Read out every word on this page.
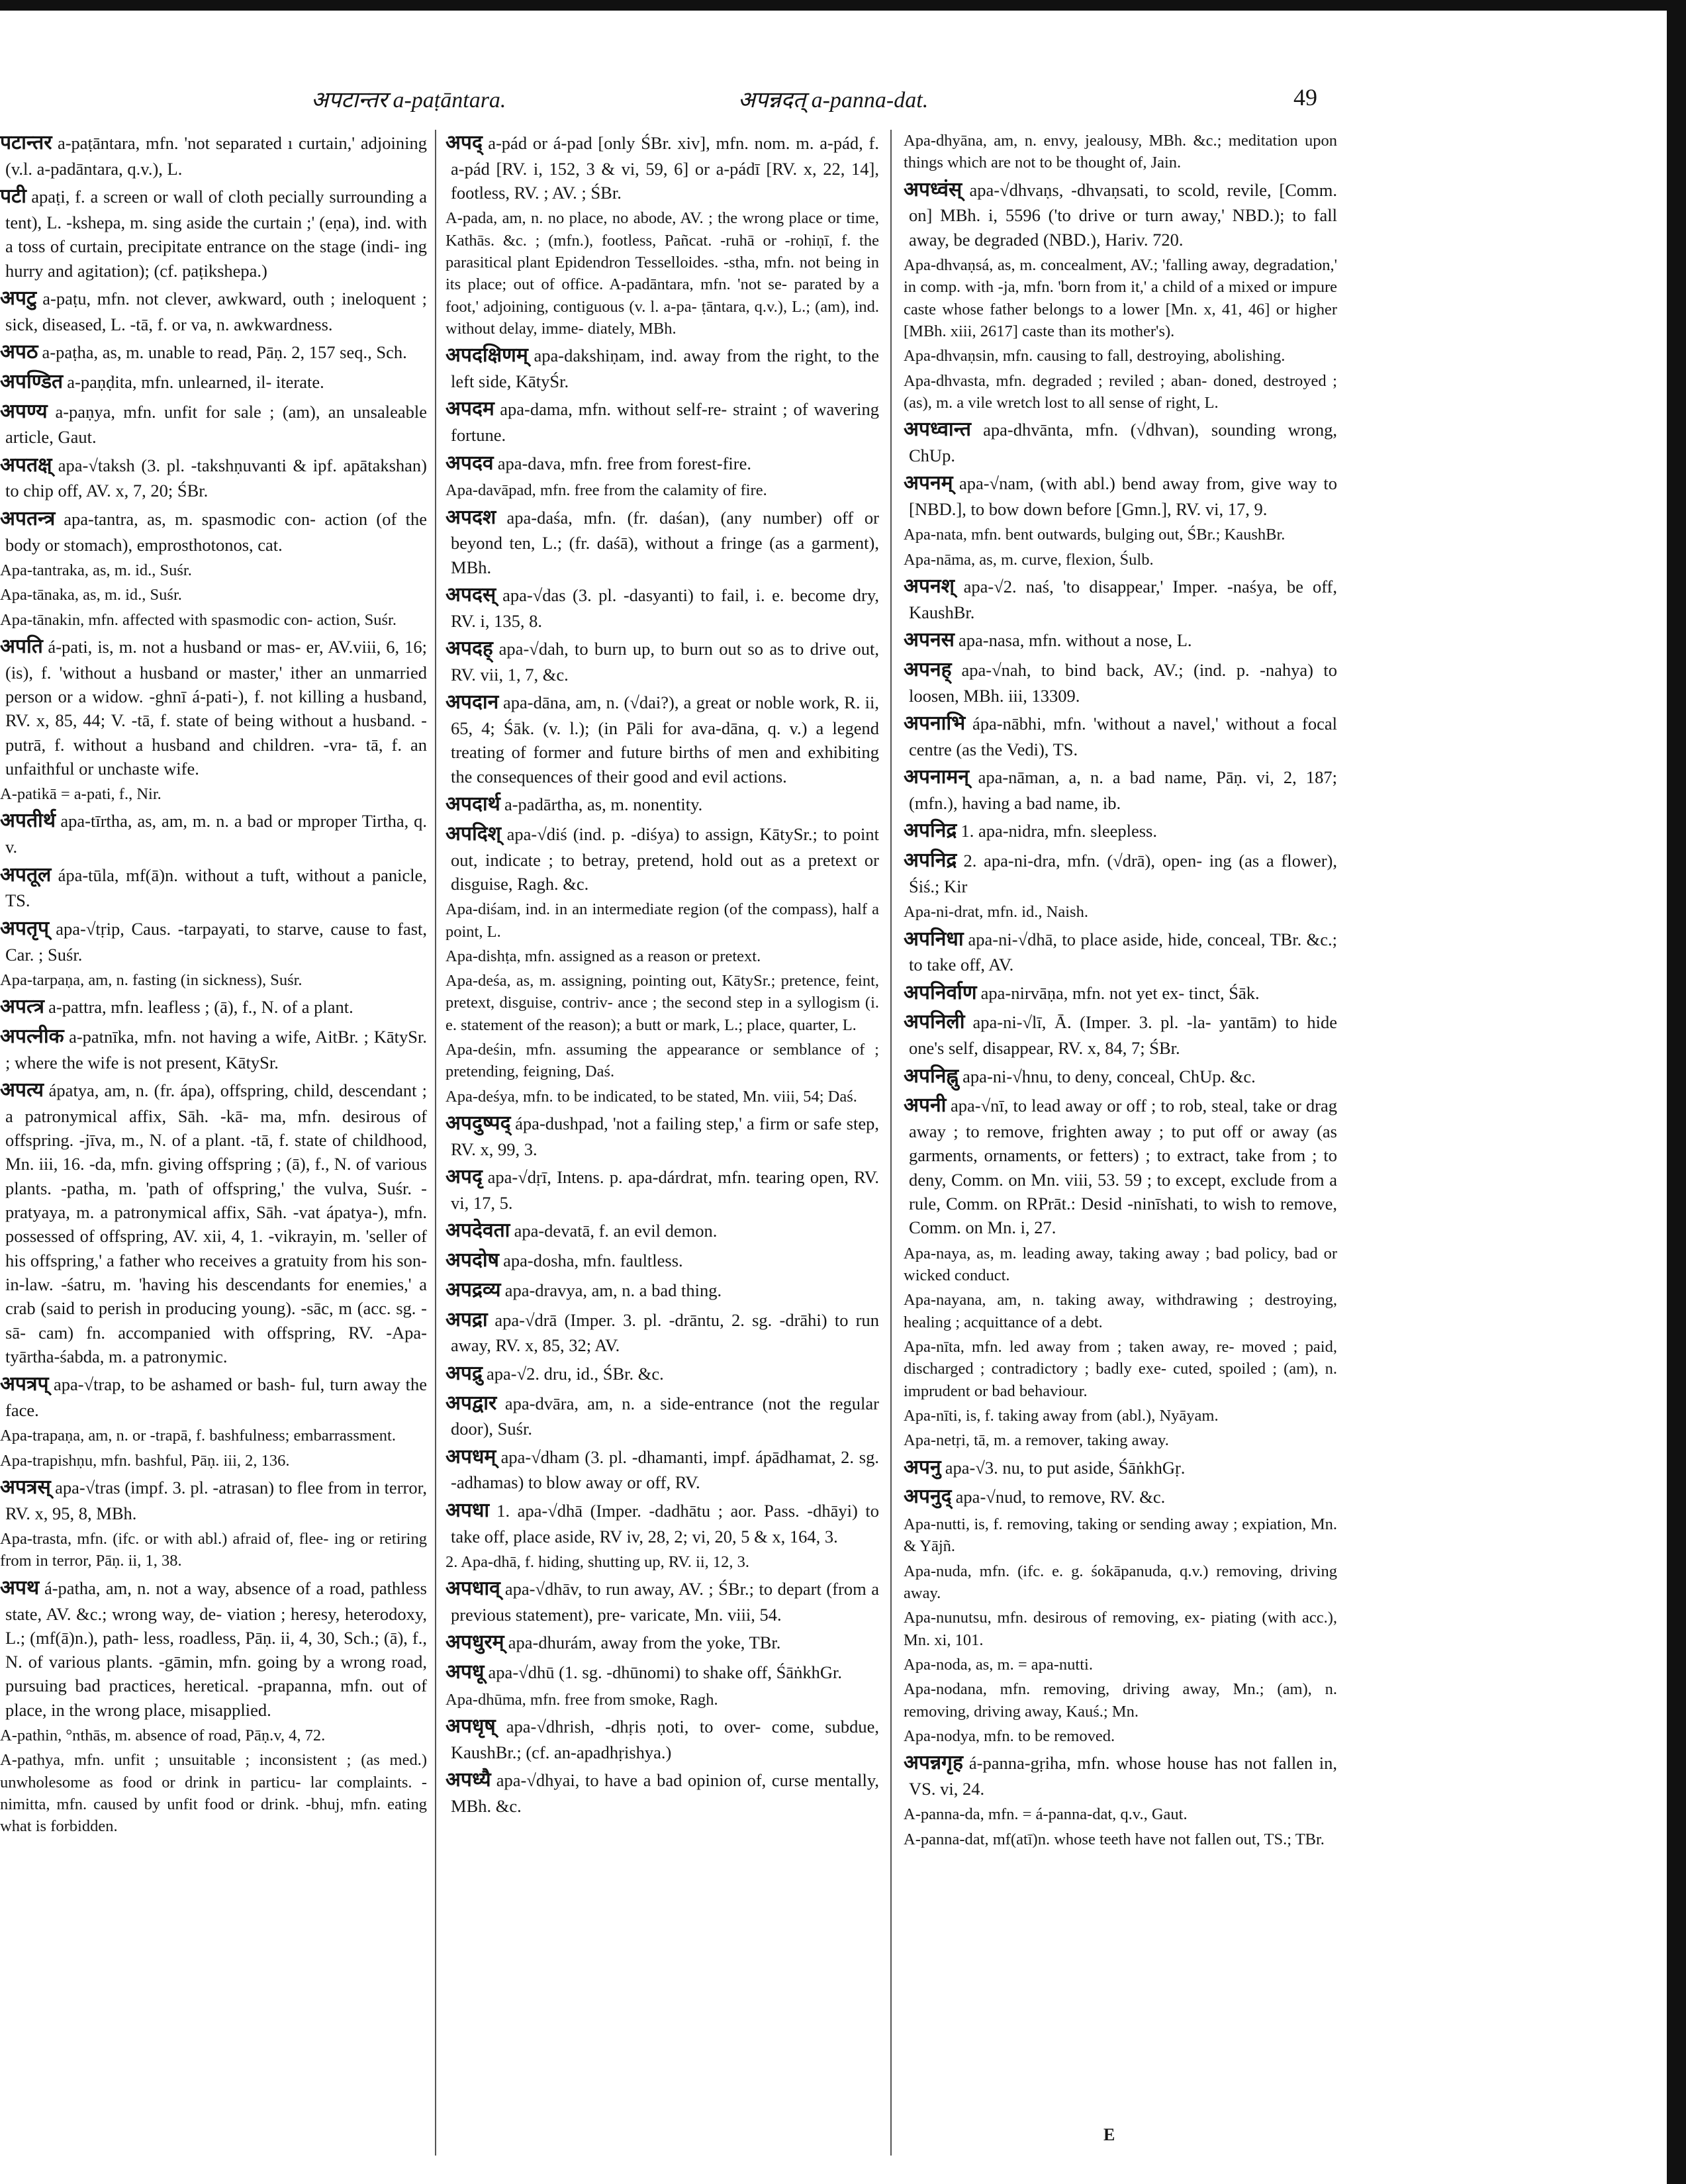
अपटान्तर a-paṭāntara.	अपन्नदत् a-panna-dat.	49

पटान्तर a-paṭāntara, mfn. 'not separated ı curtain,' adjoining (v.l. a-padāntara, q.v.), L.

पटी apaṭi, f. a screen or wall of cloth pecially surrounding a tent), L. -kshepa, m. sing aside the curtain ;' (eṇa), ind. with a toss of curtain, precipitate entrance on the stage (indi- ing hurry and agitation); (cf. paṭikshepa.)

अपटु a-paṭu, mfn. not clever, awkward, outh ; ineloquent ; sick, diseased, L. -tā, f. or va, n. awkwardness.

अपठ a-paṭha, as, m. unable to read, Pāṇ. 2, 157 seq., Sch.

अपण्डित a-paṇḍita, mfn. unlearned, il- iterate.

अपण्य a-paṇya, mfn. unfit for sale ; (am), an unsaleable article, Gaut.

अपतक्ष् apa-√taksh (3. pl. -takshṇuvanti & ipf. apātakshan) to chip off, AV. x, 7, 20; ŚBr.

अपतन्त्र apa-tantra, as, m. spasmodic con- action (of the body or stomach), emprosthotonos, cat.

Apa-tantraka, as, m. id., Suśr.

Apa-tānaka, as, m. id., Suśr.

Apa-tānakin, mfn. affected with spasmodic con- action, Suśr.

अपति á-pati, is, m. not a husband or mas- er, AV.viii, 6, 16; (is), f. 'without a husband or master,' ither an unmarried person or a widow. -ghnī á-pati-), f. not killing a husband, RV. x, 85, 44; V. -tā, f. state of being without a husband. -putrā, f. without a husband and children. -vra- tā, f. an unfaithful or unchaste wife.

A-patikā = a-pati, f., Nir.

अपतीर्थ apa-tīrtha, as, am, m. n. a bad or mproper Tirtha, q. v.

अपतूल ápa-tūla, mf(ā)n. without a tuft, without a panicle, TS.

अपतृप् apa-√tṛip, Caus. -tarpayati, to starve, cause to fast, Car. ; Suśr.

Apa-tarpaṇa, am, n. fasting (in sickness), Suśr.

अपत्त्र a-pattra, mfn. leafless ; (ā), f., N. of a plant.

अपत्नीक a-patnīka, mfn. not having a wife, AitBr. ; KātySr. ; where the wife is not present, KātySr.

अपत्य ápatya, am, n. (fr. ápa), offspring, child, descendant ; a patronymical affix, Sāh. -kā- ma, mfn. desirous of offspring. -jīva, m., N. of a plant. -tā, f. state of childhood, Mn. iii, 16. -da, mfn. giving offspring ; (ā), f., N. of various plants. -patha, m. 'path of offspring,' the vulva, Suśr. -pratyaya, m. a patronymical affix, Sāh. -vat ápatya-), mfn. possessed of offspring, AV. xii, 4, 1. -vikrayin, m. 'seller of his offspring,' a father who receives a gratuity from his son-in-law. -śatru, m. 'having his descendants for enemies,' a crab (said to perish in producing young). -sāc, m (acc. sg. -sā- cam) fn. accompanied with offspring, RV. -Apa- tyārtha-śabda, m. a patronymic.

अपत्रप् apa-√trap, to be ashamed or bash- ful, turn away the face.

Apa-trapaṇa, am, n. or -trapā, f. bashfulness; embarrassment.

Apa-trapishṇu, mfn. bashful, Pāṇ. iii, 2, 136.

अपत्रस् apa-√tras (impf. 3. pl. -atrasan) to flee from in terror, RV. x, 95, 8, MBh.

Apa-trasta, mfn. (ifc. or with abl.) afraid of, flee- ing or retiring from in terror, Pāṇ. ii, 1, 38.

अपथ á-patha, am, n. not a way, absence of a road, pathless state, AV. &c.; wrong way, de- viation ; heresy, heterodoxy, L.; (mf(ā)n.), path- less, roadless, Pāṇ. ii, 4, 30, Sch.; (ā), f., N. of various plants. -gāmin, mfn. going by a wrong road, pursuing bad practices, heretical. -prapanna, mfn. out of place, in the wrong place, misapplied.

A-pathin, °nthās, m. absence of road, Pāṇ.v, 4, 72.

A-pathya, mfn. unfit ; unsuitable ; inconsistent ; (as med.) unwholesome as food or drink in particu- lar complaints. -nimitta, mfn. caused by unfit food or drink. -bhuj, mfn. eating what is forbidden.

अपद् a-pád or á-pad [only ŚBr. xiv], mfn. nom. m. a-pád, f. a-pád [RV. i, 152, 3 & vi, 59, 6] or a-pádī [RV. x, 22, 14], footless, RV. ; AV. ; ŚBr.

A-pada, am, n. no place, no abode, AV. ; the wrong place or time, Kathās. &c. ; (mfn.), footless, Pañcat. -ruhā or -rohiṇī, f. the parasitical plant Epidendron Tesselloides. -stha, mfn. not being in its place; out of office. A-padāntara, mfn. 'not se- parated by a foot,' adjoining, contiguous (v. l. a-pa- ṭāntara, q.v.), L.; (am), ind. without delay, imme- diately, MBh.

अपदक्षिणम् apa-dakshiṇam, ind. away from the right, to the left side, KātyŚr.

अपदम apa-dama, mfn. without self-re- straint ; of wavering fortune.

अपदव apa-dava, mfn. free from forest-fire.

Apa-davāpad, mfn. free from the calamity of fire.

अपदश apa-daśa, mfn. (fr. daśan), (any number) off or beyond ten, L.; (fr. daśā), without a fringe (as a garment), MBh.

अपदस् apa-√das (3. pl. -dasyanti) to fail, i. e. become dry, RV. i, 135, 8.

अपदह् apa-√dah, to burn up, to burn out so as to drive out, RV. vii, 1, 7, &c.

अपदान apa-dāna, am, n. (√dai?), a great or noble work, R. ii, 65, 4; Śāk. (v. l.); (in Pāli for ava-dāna, q. v.) a legend treating of former and future births of men and exhibiting the consequences of their good and evil actions.

अपदार्थ a-padārtha, as, m. nonentity.

अपदिश् apa-√diś (ind. p. -diśya) to assign, KātySr.; to point out, indicate ; to betray, pretend, hold out as a pretext or disguise, Ragh. &c.

Apa-diśam, ind. in an intermediate region (of the compass), half a point, L.

Apa-dishṭa, mfn. assigned as a reason or pretext.

Apa-deśa, as, m. assigning, pointing out, KātySr.; pretence, feint, pretext, disguise, contriv- ance ; the second step in a syllogism (i. e. statement of the reason); a butt or mark, L.; place, quarter, L.

Apa-deśin, mfn. assuming the appearance or semblance of ; pretending, feigning, Daś.

Apa-deśya, mfn. to be indicated, to be stated, Mn. viii, 54; Daś.

अपदुष्पद् ápa-dushpad, 'not a failing step,' a firm or safe step, RV. x, 99, 3.

अपदृ apa-√dṛī, Intens. p. apa-dárdrat, mfn. tearing open, RV. vi, 17, 5.

अपदेवता apa-devatā, f. an evil demon.

अपदोष apa-dosha, mfn. faultless.

अपद्रव्य apa-dravya, am, n. a bad thing.

अपद्रा apa-√drā (Imper. 3. pl. -drāntu, 2. sg. -drāhi) to run away, RV. x, 85, 32; AV.

अपद्रु apa-√2. dru, id., ŚBr. &c.

अपद्वार apa-dvāra, am, n. a side-entrance (not the regular door), Suśr.

अपधम् apa-√dham (3. pl. -dhamanti, impf. ápādhamat, 2. sg. -adhamas) to blow away or off, RV.

अपधा 1. apa-√dhā (Imper. -dadhātu ; aor. Pass. -dhāyi) to take off, place aside, RV iv, 28, 2; vi, 20, 5 & x, 164, 3.

2. Apa-dhā, f. hiding, shutting up, RV. ii, 12, 3.

अपधाव् apa-√dhāv, to run away, AV. ; ŚBr.; to depart (from a previous statement), pre- varicate, Mn. viii, 54.

अपधुरम् apa-dhurám, away from the yoke, TBr.

अपधू apa-√dhū (1. sg. -dhūnomi) to shake off, ŚāṅkhGr.

Apa-dhūma, mfn. free from smoke, Ragh.

अपधृष् apa-√dhrish, -dhṛis ṇoti, to over- come, subdue, KaushBr.; (cf. an-apadhṛishya.)

अपध्यै apa-√dhyai, to have a bad opinion of, curse mentally, MBh. &c.

Apa-dhyāna, am, n. envy, jealousy, MBh. &c.; meditation upon things which are not to be thought of, Jain.

अपध्वंस् apa-√dhvaṇs, -dhvaṇsati, to scold, revile, [Comm. on] MBh. i, 5596 ('to drive or turn away,' NBD.); to fall away, be degraded (NBD.), Hariv. 720.

Apa-dhvaṇsá, as, m. concealment, AV.; 'falling away, degradation,' in comp. with -ja, mfn. 'born from it,' a child of a mixed or impure caste whose father belongs to a lower [Mn. x, 41, 46] or higher [MBh. xiii, 2617] caste than its mother's).

Apa-dhvaṇsin, mfn. causing to fall, destroying, abolishing.

Apa-dhvasta, mfn. degraded ; reviled ; aban- doned, destroyed ; (as), m. a vile wretch lost to all sense of right, L.

अपध्वान्त apa-dhvānta, mfn. (√dhvan), sounding wrong, ChUp.

अपनम् apa-√nam, (with abl.) bend away from, give way to [NBD.], to bow down before [Gmn.], RV. vi, 17, 9.

Apa-nata, mfn. bent outwards, bulging out, ŚBr.; KaushBr.

Apa-nāma, as, m. curve, flexion, Śulb.

अपनश् apa-√2. naś, 'to disappear,' Imper. -naśya, be off, KaushBr.

अपनस apa-nasa, mfn. without a nose, L.

अपनह् apa-√nah, to bind back, AV.; (ind. p. -nahya) to loosen, MBh. iii, 13309.

अपनाभि ápa-nābhi, mfn. 'without a navel,' without a focal centre (as the Vedi), TS.

अपनामन् apa-nāman, a, n. a bad name, Pāṇ. vi, 2, 187; (mfn.), having a bad name, ib.

अपनिद्र 1. apa-nidra, mfn. sleepless.

अपनिद्र 2. apa-ni-dra, mfn. (√drā), open- ing (as a flower), Śiś.; Kir

Apa-ni-drat, mfn. id., Naish.

अपनिधा apa-ni-√dhā, to place aside, hide, conceal, TBr. &c.; to take off, AV.

अपनिर्वाण apa-nirvāṇa, mfn. not yet ex- tinct, Śāk.

अपनिली apa-ni-√lī, Ā. (Imper. 3. pl. -la- yantām) to hide one's self, disappear, RV. x, 84, 7; ŚBr.

अपनिह्नु apa-ni-√hnu, to deny, conceal, ChUp. &c.

अपनी apa-√nī, to lead away or off ; to rob, steal, take or drag away ; to remove, frighten away ; to put off or away (as garments, ornaments, or fetters) ; to extract, take from ; to deny, Comm. on Mn. viii, 53. 59 ; to except, exclude from a rule, Comm. on RPrāt.: Desid -ninīshati, to wish to remove, Comm. on Mn. i, 27.

Apa-naya, as, m. leading away, taking away ; bad policy, bad or wicked conduct.

Apa-nayana, am, n. taking away, withdrawing ; destroying, healing ; acquittance of a debt.

Apa-nīta, mfn. led away from ; taken away, re- moved ; paid, discharged ; contradictory ; badly exe- cuted, spoiled ; (am), n. imprudent or bad behaviour.

Apa-nīti, is, f. taking away from (abl.), Nyāyam.

Apa-netṛi, tā, m. a remover, taking away.

अपनु apa-√3. nu, to put aside, ŚāṅkhGṛ.

अपनुद् apa-√nud, to remove, RV. &c.

Apa-nutti, is, f. removing, taking or sending away ; expiation, Mn. & Yājñ.

Apa-nuda, mfn. (ifc. e. g. śokāpanuda, q.v.) removing, driving away.

Apa-nunutsu, mfn. desirous of removing, ex- piating (with acc.), Mn. xi, 101.

Apa-noda, as, m. = apa-nutti.

Apa-nodana, mfn. removing, driving away, Mn.; (am), n. removing, driving away, Kauś.; Mn.

Apa-nodya, mfn. to be removed.

अपन्नगृह á-panna-gṛiha, mfn. whose house has not fallen in, VS. vi, 24.

A-panna-da, mfn. = á-panna-dat, q.v., Gaut.

A-panna-dat, mf(atī)n. whose teeth have not fallen out, TS.; TBr.

E
